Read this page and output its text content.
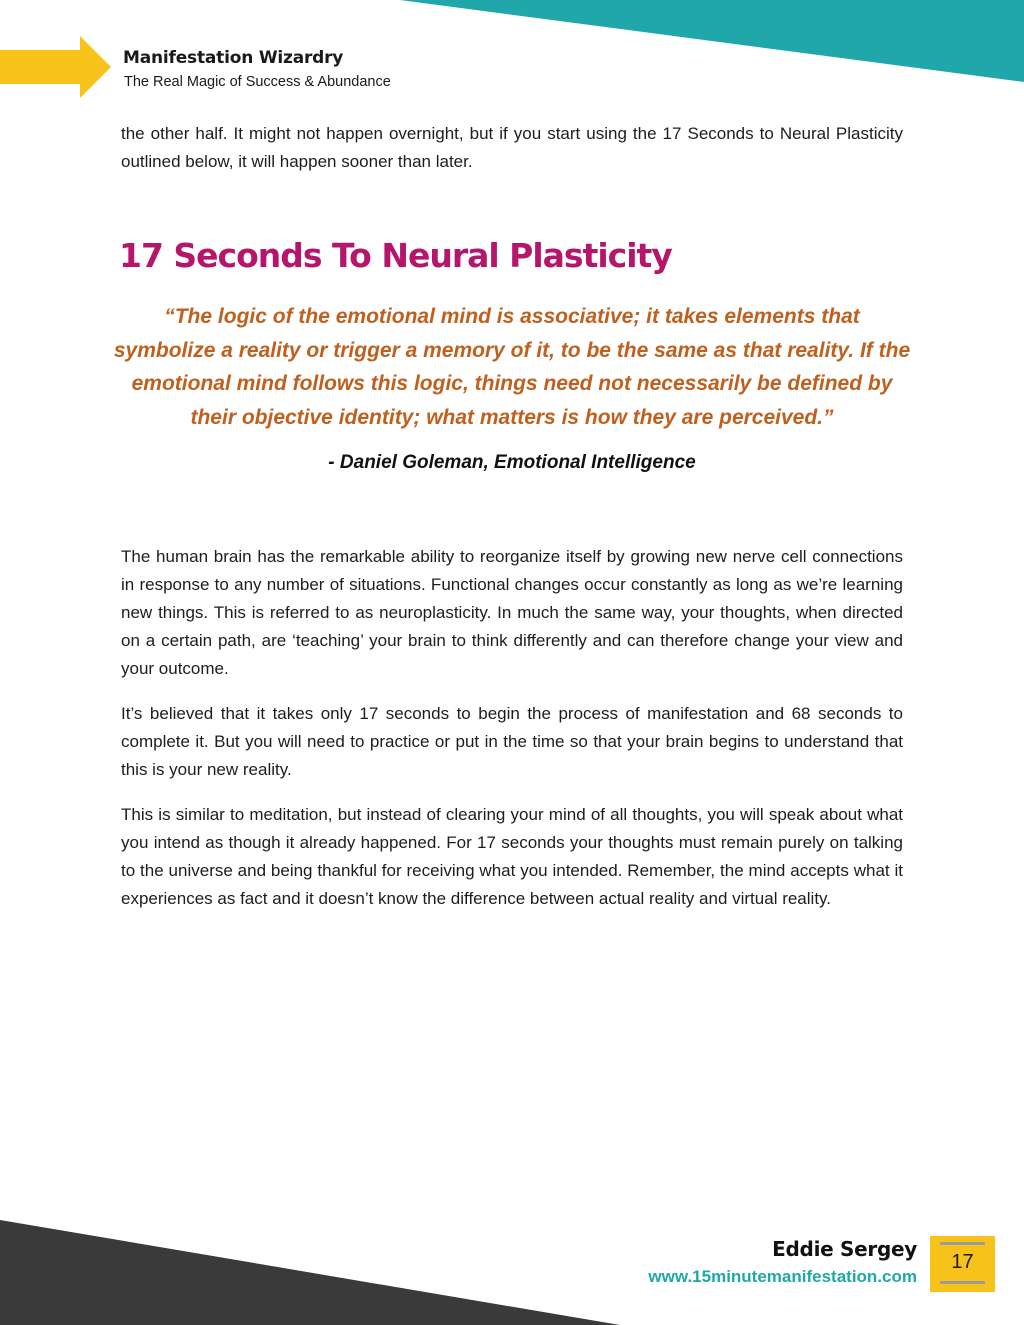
Manifestation Wizardry
The Real Magic of Success & Abundance

the other half. It might not happen overnight, but if you start using the 17 Seconds to Neural Plasticity outlined below, it will happen sooner than later.

17 Seconds To Neural Plasticity

“The logic of the emotional mind is associative; it takes elements that symbolize a reality or trigger a memory of it, to be the same as that reality. If the emotional mind follows this logic, things need not necessarily be defined by their objective identity; what matters is how they are perceived.”

- Daniel Goleman, Emotional Intelligence

The human brain has the remarkable ability to reorganize itself by growing new nerve cell connections in response to any number of situations. Functional changes occur constantly as long as we’re learning new things. This is referred to as neuroplasticity. In much the same way, your thoughts, when directed on a certain path, are ‘teaching’ your brain to think differently and can therefore change your view and your outcome.

It’s believed that it takes only 17 seconds to begin the process of manifestation and 68 seconds to complete it. But you will need to practice or put in the time so that your brain begins to understand that this is your new reality.

This is similar to meditation, but instead of clearing your mind of all thoughts, you will speak about what you intend as though it already happened. For 17 seconds your thoughts must remain purely on talking to the universe and being thankful for receiving what you intended. Remember, the mind accepts what it experiences as fact and it doesn’t know the difference between actual reality and virtual reality.

Eddie Sergey
www.15minutemanifestation.com
17
